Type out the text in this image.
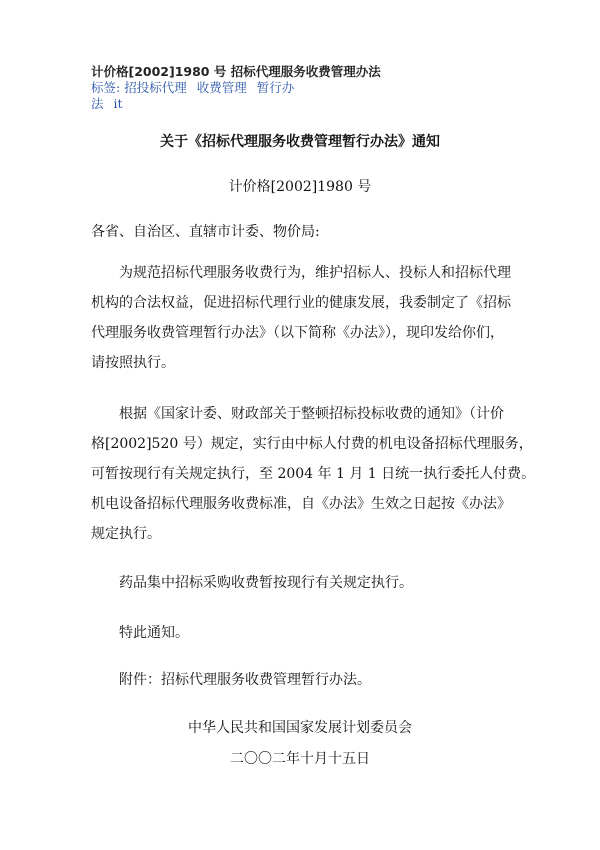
计价格[2002]1980 号 招标代理服务收费管理办法
标签: 招投标代理 收费管理 暂行办法 it
关于《招标代理服务收费管理暂行办法》通知
计价格[2002]1980 号
各省、自治区、直辖市计委、物价局:
为规范招标代理服务收费行为，维护招标人、投标人和招标代理
机构的合法权益，促进招标代理行业的健康发展，我委制定了《招标
代理服务收费管理暂行办法》（以下简称《办法》），现印发给你们，
请按照执行。
根据《国家计委、财政部关于整顿招标投标收费的通知》（计价
格[2002]520 号）规定，实行由中标人付费的机电设备招标代理服务，
可暂按现行有关规定执行，至 2004 年 1 月 1 日统一执行委托人付费。
机电设备招标代理服务收费标准，自《办法》生效之日起按《办法》
规定执行。
药品集中招标采购收费暂按现行有关规定执行。
特此通知。
附件：招标代理服务收费管理暂行办法。
中华人民共和国国家发展计划委员会
二〇〇二年十月十五日
